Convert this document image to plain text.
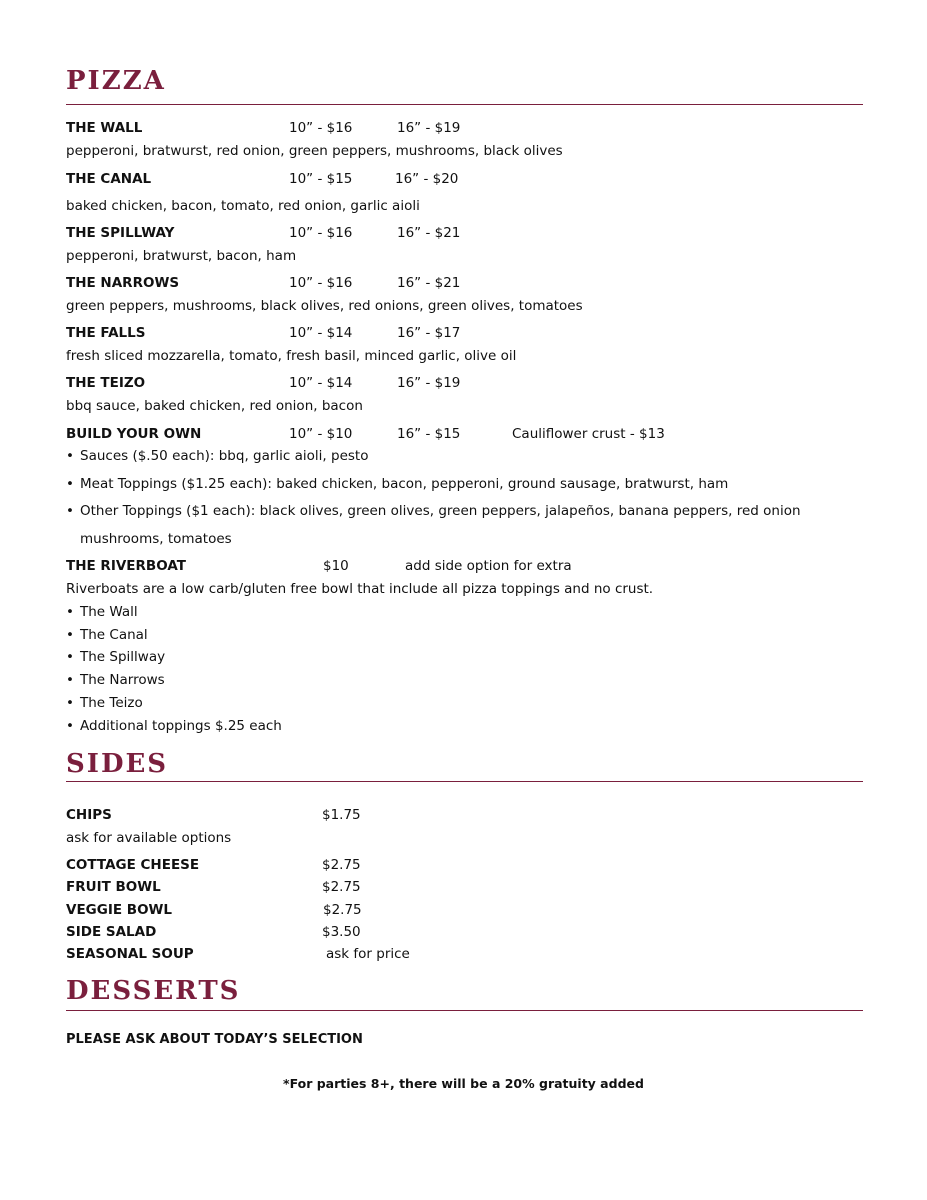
PIZZA
THE WALL	10” - $16	16” - $19
pepperoni, bratwurst, red onion, green peppers, mushrooms, black olives
THE CANAL	10” - $15	16” - $20
baked chicken, bacon, tomato, red onion, garlic aioli
THE SPILLWAY	10” - $16	16” - $21
pepperoni, bratwurst, bacon, ham
THE NARROWS	10” - $16	16” - $21
green peppers, mushrooms, black olives, red onions, green olives, tomatoes
THE FALLS	10” - $14	16” - $17
fresh sliced mozzarella, tomato, fresh basil, minced garlic, olive oil
THE TEIZO	10” - $14	16” - $19
bbq sauce, baked chicken, red onion, bacon
BUILD YOUR OWN	10” - $10	16” - $15	Cauliflower crust - $13
• Sauces ($.50 each): bbq, garlic aioli, pesto
• Meat Toppings ($1.25 each): baked chicken, bacon, pepperoni, ground sausage, bratwurst, ham
• Other Toppings ($1 each): black olives, green olives, green peppers, jalapeños, banana peppers, red onion
mushrooms, tomatoes
THE RIVERBOAT	$10	add side option for extra
Riverboats are a low carb/gluten free bowl that include all pizza toppings and no crust.
• The Wall
• The Canal
• The Spillway
• The Narrows
• The Teizo
• Additional toppings $.25 each
SIDES
CHIPS	$1.75
ask for available options
COTTAGE CHEESE	$2.75
FRUIT BOWL	$2.75
VEGGIE BOWL	$2.75
SIDE SALAD	$3.50
SEASONAL SOUP	ask for price
DESSERTS
PLEASE ASK ABOUT TODAY’S SELECTION
*For parties 8+, there will be a 20% gratuity added
